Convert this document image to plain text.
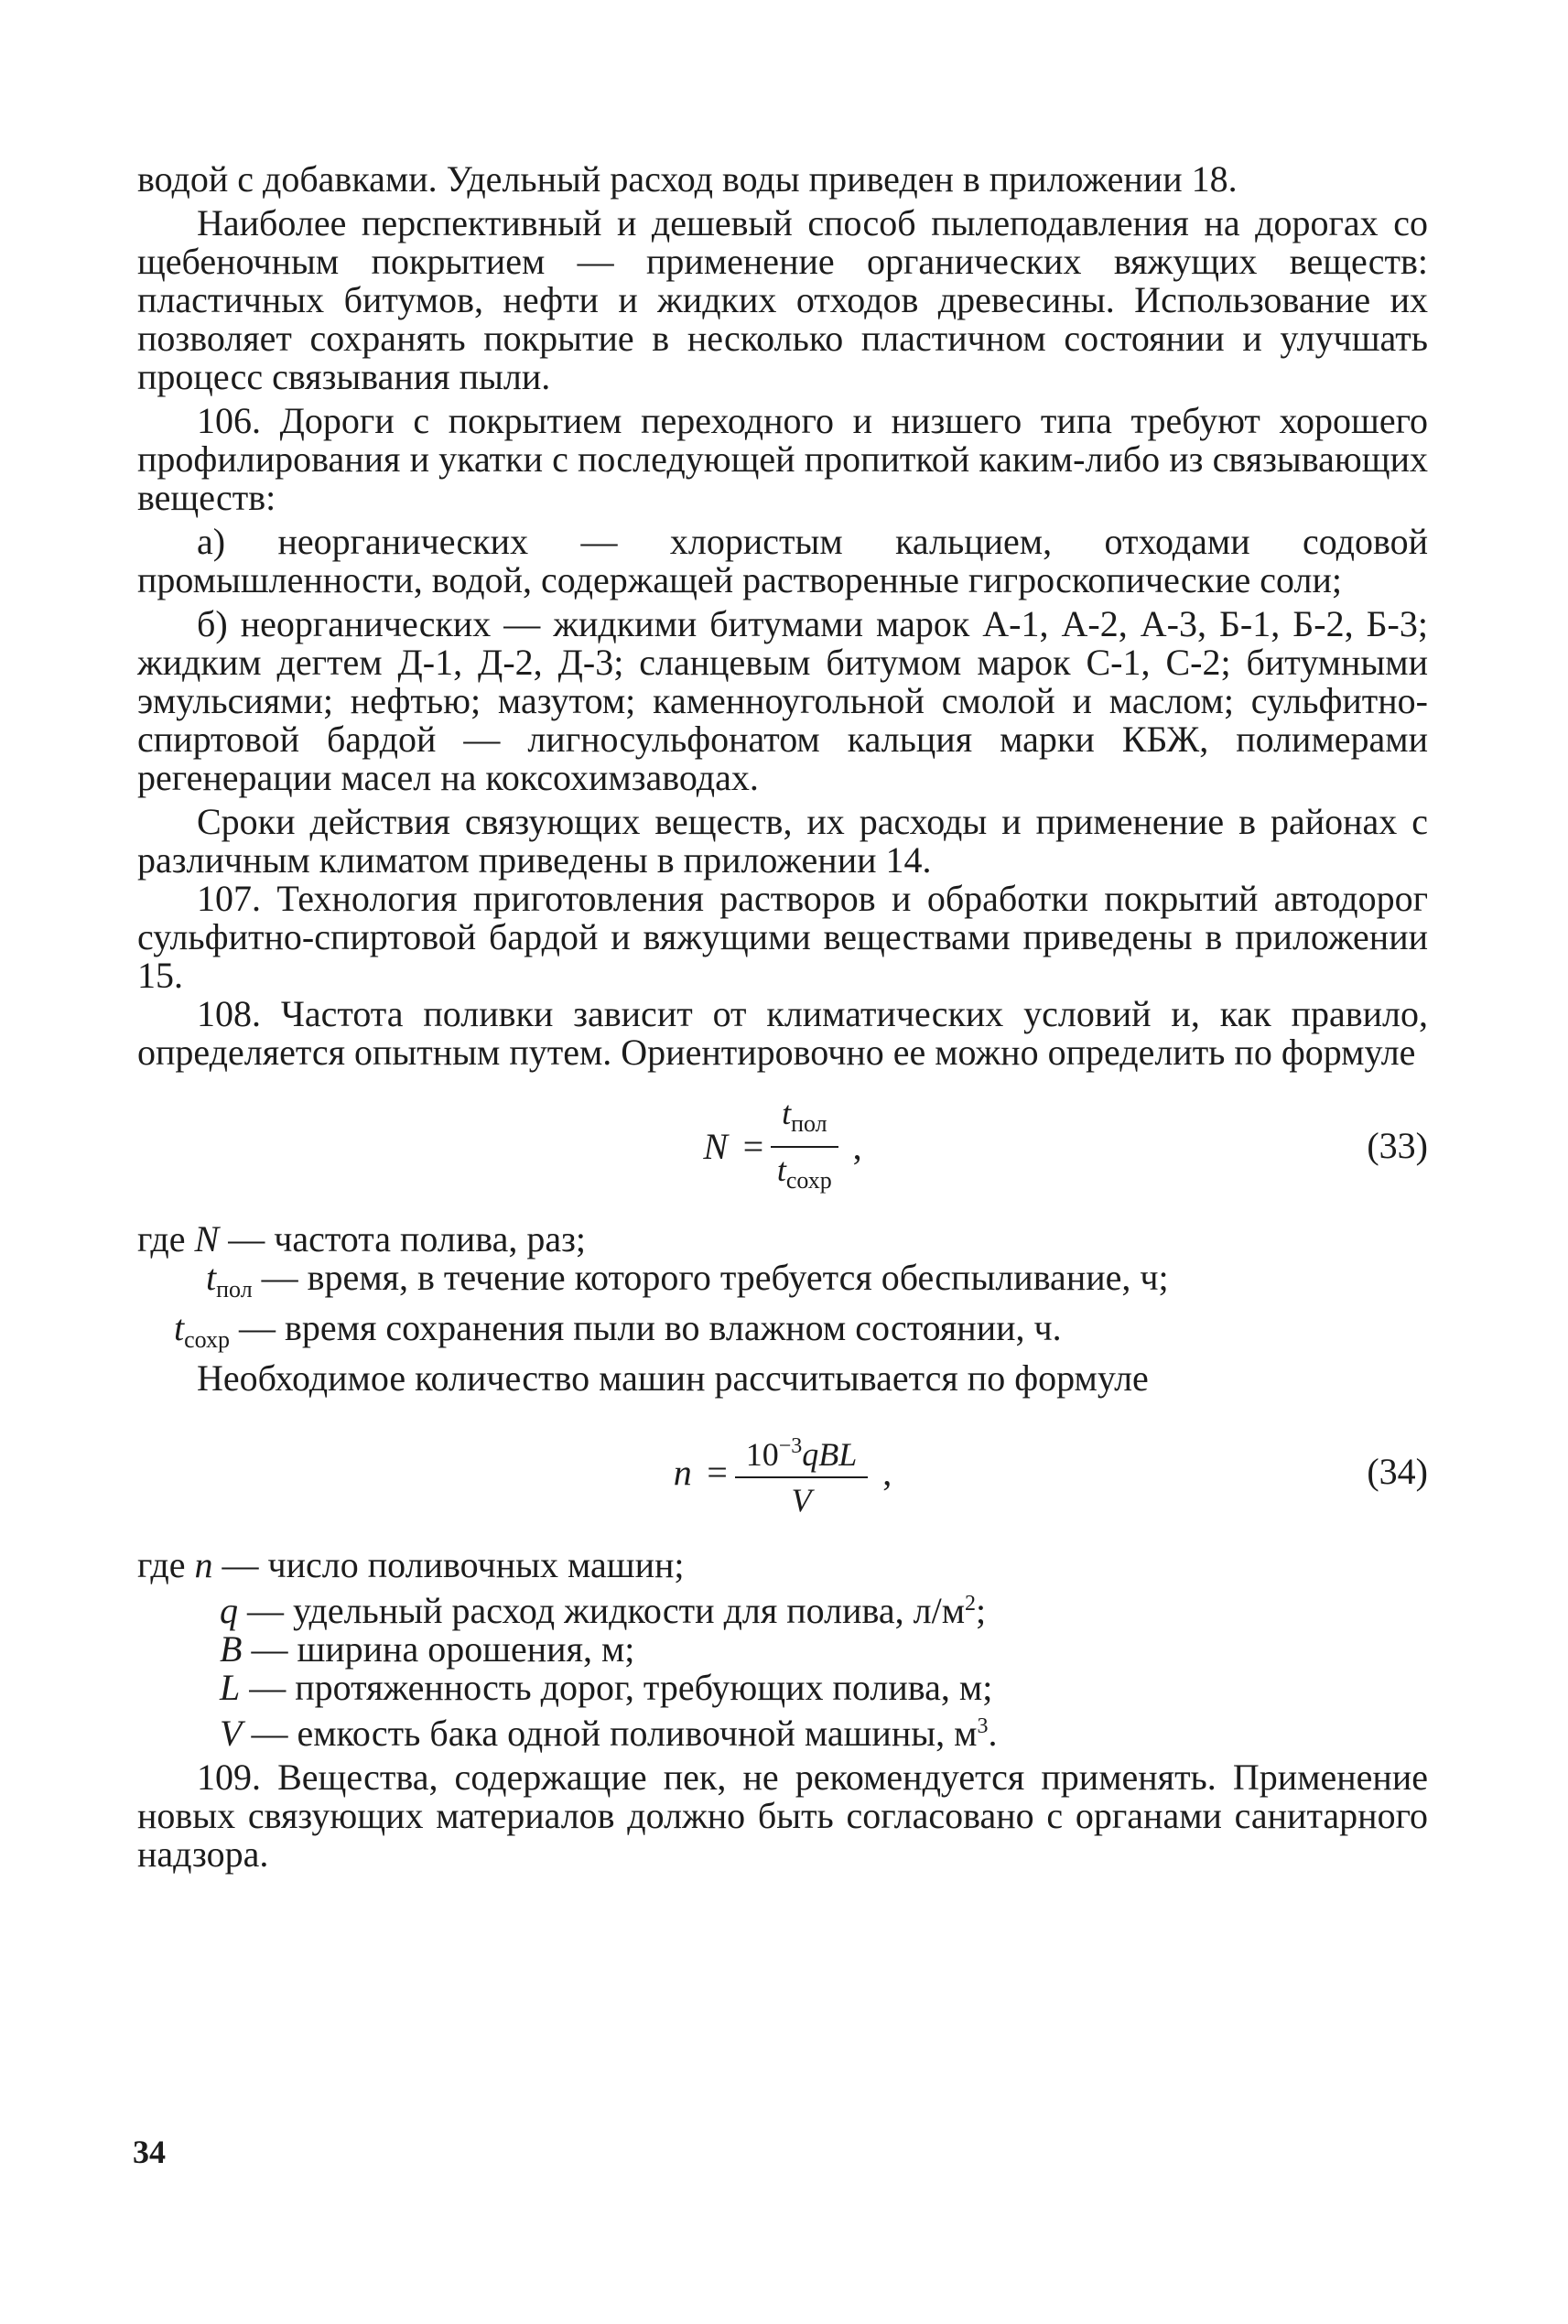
водой с добавками. Удельный расход воды приведен в приложении 18.

Наиболее перспективный и дешевый способ пылеподавления на дорогах со щебеночным покрытием — применение органических вяжущих веществ: пластичных битумов, нефти и жидких отходов древесины. Использование их позволяет сохранять покрытие в несколько пластичном состоянии и улучшать процесс связывания пыли.

106. Дороги с покрытием переходного и низшего типа требуют хорошего профилирования и укатки с последующей пропиткой каким-либо из связывающих веществ:

а) неорганических — хлористым кальцием, отходами содовой промышленности, водой, содержащей растворенные гигроскопические соли;

б) неорганических — жидкими битумами марок А-1, А-2, А-3, Б-1, Б-2, Б-3; жидким дегтем Д-1, Д-2, Д-3; сланцевым битумом марок С-1, С-2; битумными эмульсиями; нефтью; мазутом; каменноугольной смолой и маслом; сульфитно-спиртовой бардой — лигносульфонатом кальция марки КБЖ, полимерами регенерации масел на коксохимзаводах.

Сроки действия связующих веществ, их расходы и применение в районах с различным климатом приведены в приложении 14.

107. Технология приготовления растворов и обработки покрытий автодорог сульфитно-спиртовой бардой и вяжущими веществами приведены в приложении 15.

108. Частота поливки зависит от климатических условий и, как правило, определяется опытным путем. Ориентировочно ее можно определить по формуле

$N = \frac{t_{пол}}{t_{сохр}}$ ,	(33)

где N — частота полива, раз;

$t_{пол}$ — время, в течение которого требуется обеспыливание, ч;

$t_{сохр}$ — время сохранения пыли во влажном состоянии, ч.

Необходимое количество машин рассчитывается по формуле

$n = \frac{10^{-3}qBL}{V}$ ,	(34)

где n — число поливочных машин;

q — удельный расход жидкости для полива, $л/м^2$;

B — ширина орошения, м;

L — протяженность дорог, требующих полива, м;

V — емкость бака одной поливочной машины, $м^3$.

109. Вещества, содержащие пек, не рекомендуется применять. Применение новых связующих материалов должно быть согласовано с органами санитарного надзора.

34
